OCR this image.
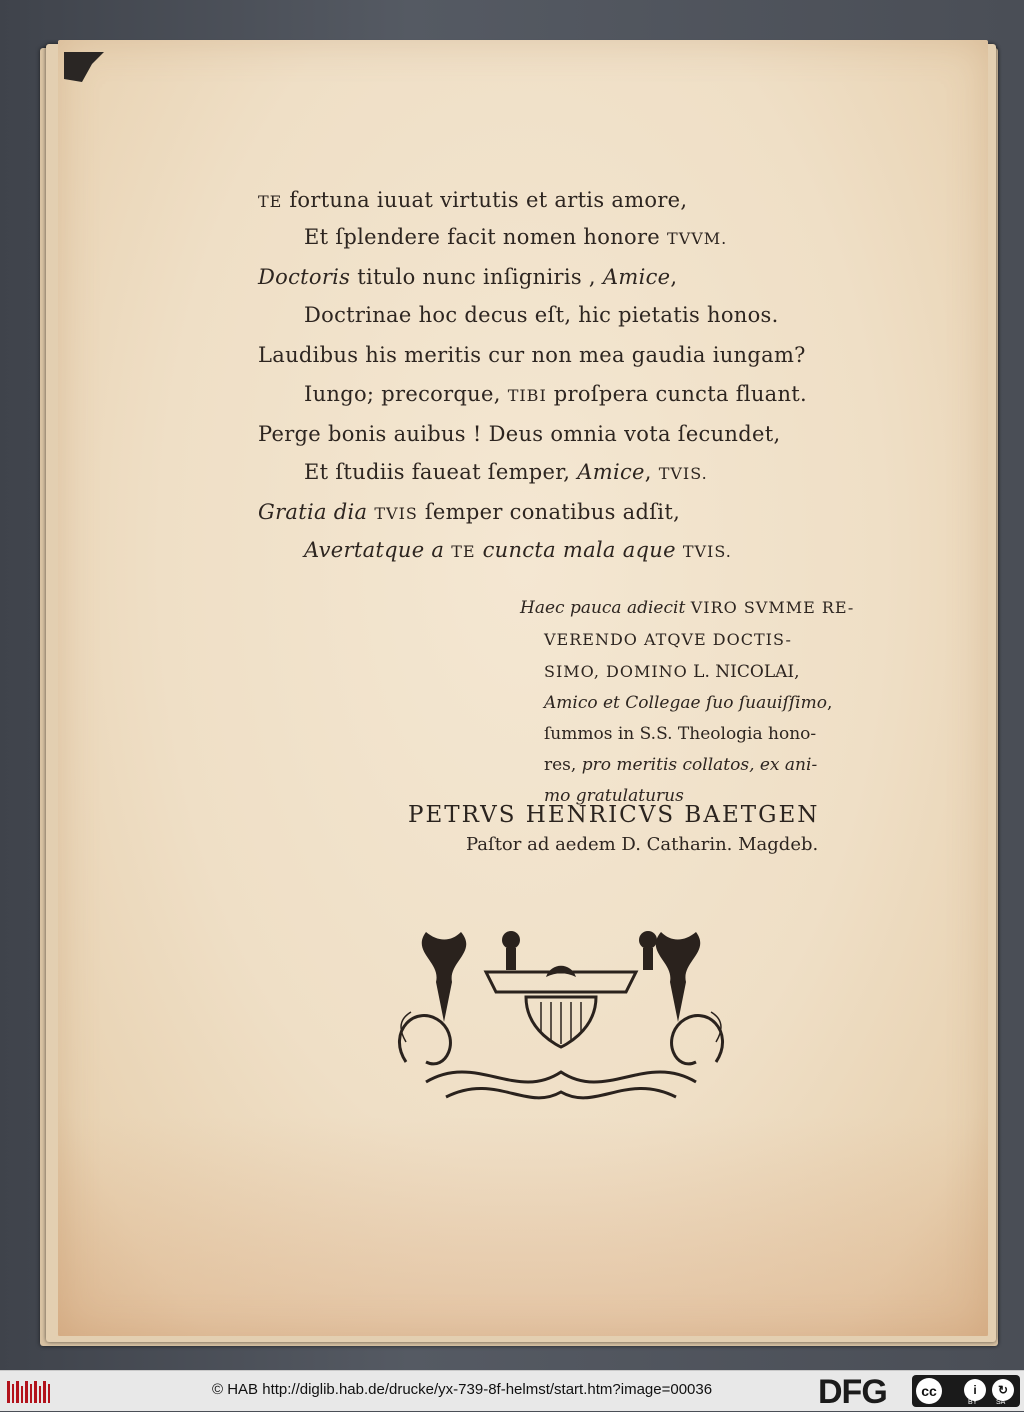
TE fortuna iuuat virtutis et artis amore,
Et ſplendere facit nomen honore TVVM.
Doctoris titulo nunc inſigniris , Amice,
Doctrinae hoc decus eſt, hic pietatis honos.
Laudibus his meritis cur non mea gaudia iungam?
Iungo; precorque, TIBI proſpera cuncta fluant.
Perge bonis auibus ! Deus omnia vota ſecundet,
Et ſtudiis faueat ſemper, Amice, TVIS.
Gratia dia TVIS ſemper conatibus adſit,
Avertatque a TE cuncta mala aque TVIS.
Haec pauca adiecit VIRO SVMME RE-
VERENDO ATQVE DOCTIS-
SIMO, DOMINO L. NICOLAI,
Amico et Collegae ſuo ſuauiſſimo,
ſummos in S.S. Theologia hono-
res, pro meritis collatos, ex ani-
mo gratulaturus
PETRVS HENRICVS BAETGEN
Paſtor ad aedem D. Catharin. Magdeb.
© HAB http://diglib.hab.de/drucke/yx-739-8f-helmst/start.htm?image=00036	DFG	cc	i	↻
BY	SA
